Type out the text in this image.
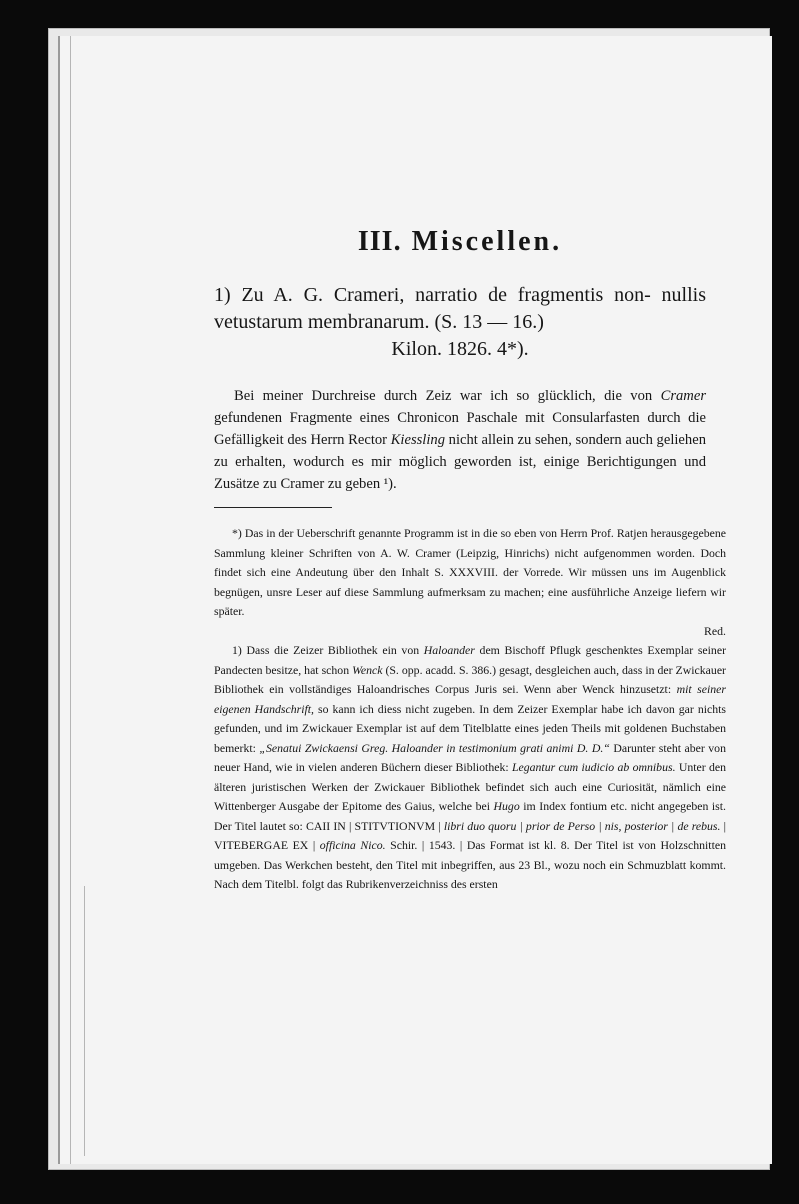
III. Miscellen.
1) Zu A. G. Crameri, narratio de fragmentis non- nullis vetustarum membranarum. (S. 13 — 16.)
Kilon. 1826. 4*).

Bei meiner Durchreise durch Zeiz war ich so glücklich, die von Cramer gefundenen Fragmente eines Chronicon Paschale mit Consularfasten durch die Gefälligkeit des Herrn Rector Kiessling nicht allein zu sehen, sondern auch geliehen zu erhalten, wodurch es mir möglich geworden ist, einige Berichtigungen und Zusätze zu Cramer zu geben ¹).

*) Das in der Ueberschrift genannte Programm ist in die so eben von Herrn Prof. Ratjen herausgegebene Sammlung kleiner Schriften von A. W. Cramer (Leipzig, Hinrichs) nicht aufgenommen worden. Doch findet sich eine Andeutung über den Inhalt S. XXXVIII. der Vorrede. Wir müssen uns im Augenblick begnügen, unsre Leser auf diese Sammlung aufmerksam zu machen; eine ausführliche Anzeige liefern wir später.

Red.

1) Dass die Zeizer Bibliothek ein von Haloander dem Bischoff Pflugk geschenktes Exemplar seiner Pandecten besitze, hat schon Wenck (S. opp. acadd. S. 386.) gesagt, desgleichen auch, dass in der Zwickauer Bibliothek ein vollständiges Haloandrisches Corpus Juris sei. Wenn aber Wenck hinzusetzt: mit seiner eigenen Handschrift, so kann ich diess nicht zugeben. In dem Zeizer Exemplar habe ich davon gar nichts gefunden, und im Zwickauer Exemplar ist auf dem Titelblatte eines jeden Theils mit goldenen Buchstaben bemerkt: „Senatui Zwickaensi Greg. Haloander in testimonium grati animi D. D.“ Darunter steht aber von neuer Hand, wie in vielen anderen Büchern dieser Bibliothek: Legantur cum iudicio ab omnibus. Unter den älteren juristischen Werken der Zwickauer Bibliothek befindet sich auch eine Curiosität, nämlich eine Wittenberger Ausgabe der Epitome des Gaius, welche bei Hugo im Index fontium etc. nicht angegeben ist. Der Titel lautet so: CAII IN | STITVTIONVM | libri duo quoru | prior de Perso | nis, posterior | de rebus. | VITEBERGAE EX | officina Nico. Schir. | 1543. | Das Format ist kl. 8. Der Titel ist von Holzschnitten umgeben. Das Werkchen besteht, den Titel mit inbegriffen, aus 23 Bl., wozu noch ein Schmuzblatt kommt. Nach dem Titelbl. folgt das Rubrikenverzeichniss des ersten
